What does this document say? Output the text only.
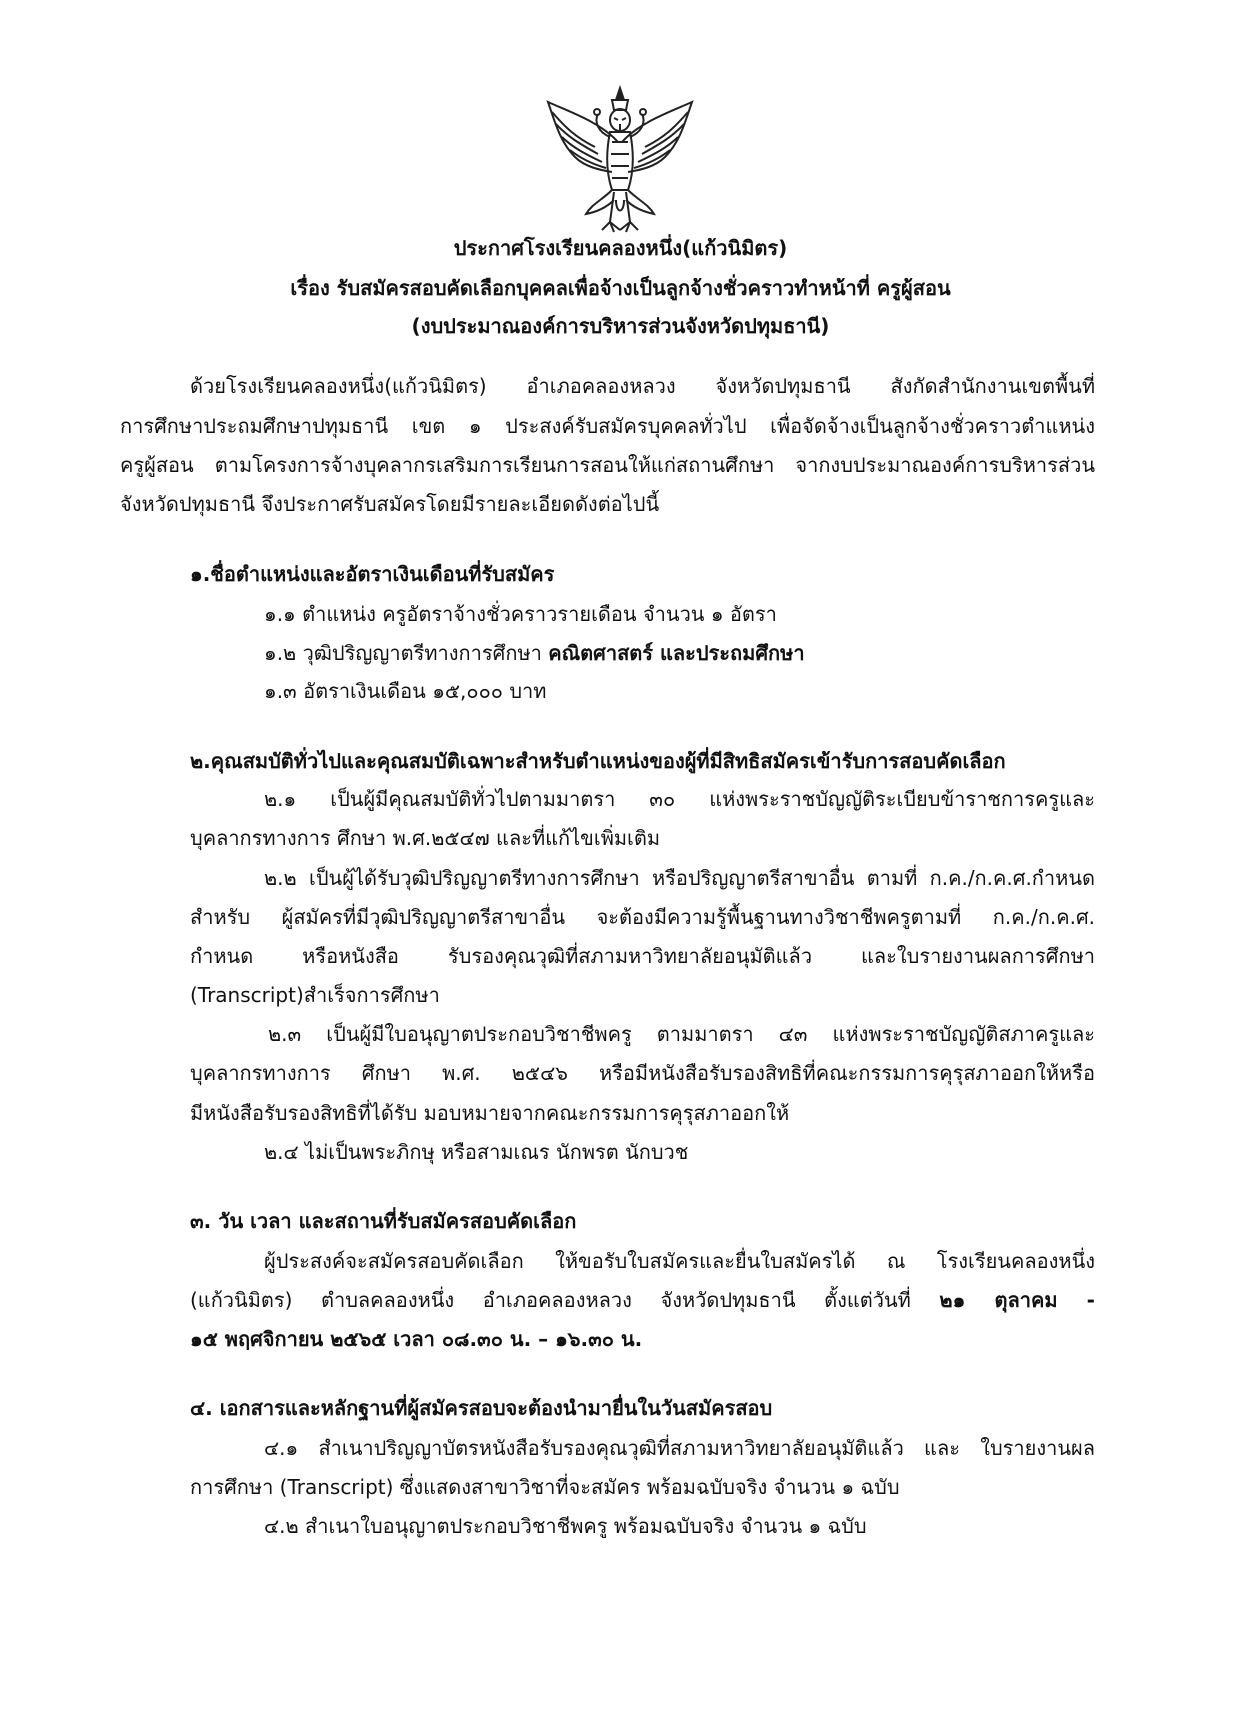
ประกาศโรงเรียนคลองหนึ่ง(แก้วนิมิตร)
เรื่อง รับสมัครสอบคัดเลือกบุคคลเพื่อจ้างเป็นลูกจ้างชั่วคราวทำหน้าที่ ครูผู้สอน
(งบประมาณองค์การบริหารส่วนจังหวัดปทุมธานี)
ด้วยโรงเรียนคลองหนึ่ง(แก้วนิมิตร) อำเภอคลองหลวง จังหวัดปทุมธานี สังกัดสำนักงานเขตพื้นที่
การศึกษาประถมศึกษาปทุมธานี เขต ๑ ประสงค์รับสมัครบุคคลทั่วไป เพื่อจัดจ้างเป็นลูกจ้างชั่วคราวตำแหน่ง
ครูผู้สอน ตามโครงการจ้างบุคลากรเสริมการเรียนการสอนให้แก่สถานศึกษา จากงบประมาณองค์การบริหารส่วน
จังหวัดปทุมธานี จึงประกาศรับสมัครโดยมีรายละเอียดดังต่อไปนี้
๑.ชื่อตำแหน่งและอัตราเงินเดือนที่รับสมัคร
๑.๑ ตำแหน่ง ครูอัตราจ้างชั่วคราวรายเดือน จำนวน ๑ อัตรา
๑.๒ วุฒิปริญญาตรีทางการศึกษา คณิตศาสตร์ และประถมศึกษา
๑.๓ อัตราเงินเดือน ๑๕,๐๐๐ บาท
๒.คุณสมบัติทั่วไปและคุณสมบัติเฉพาะสำหรับตำแหน่งของผู้ที่มีสิทธิสมัครเข้ารับการสอบคัดเลือก
๒.๑ เป็นผู้มีคุณสมบัติทั่วไปตามมาตรา ๓๐ แห่งพระราชบัญญัติระเบียบข้าราชการครูและ
บุคลากรทางการ ศึกษา พ.ศ.๒๕๔๗ และที่แก้ไขเพิ่มเติม
๒.๒ เป็นผู้ได้รับวุฒิปริญญาตรีทางการศึกษา หรือปริญญาตรีสาขาอื่น ตามที่ ก.ค./ก.ค.ศ.กำหนด
สำหรับ ผู้สมัครที่มีวุฒิปริญญาตรีสาขาอื่น จะต้องมีความรู้พื้นฐานทางวิชาชีพครูตามที่ ก.ค./ก.ค.ศ.
กำหนด หรือหนังสือ รับรองคุณวุฒิที่สภามหาวิทยาลัยอนุมัติแล้ว และใบรายงานผลการศึกษา
(Transcript)สำเร็จการศึกษา
๒.๓ เป็นผู้มีใบอนุญาตประกอบวิชาชีพครู ตามมาตรา ๔๓ แห่งพระราชบัญญัติสภาครูและ
บุคลากรทางการ ศึกษา พ.ศ. ๒๕๔๖ หรือมีหนังสือรับรองสิทธิที่คณะกรรมการคุรุสภาออกให้หรือ
มีหนังสือรับรองสิทธิที่ได้รับ มอบหมายจากคณะกรรมการคุรุสภาออกให้
๒.๔ ไม่เป็นพระภิกษุ หรือสามเณร นักพรต นักบวช
๓. วัน เวลา และสถานที่รับสมัครสอบคัดเลือก
ผู้ประสงค์จะสมัครสอบคัดเลือก ให้ขอรับใบสมัครและยื่นใบสมัครได้ ณ โรงเรียนคลองหนึ่ง
(แก้วนิมิตร) ตำบลคลองหนึ่ง อำเภอคลองหลวง จังหวัดปทุมธานี ตั้งแต่วันที่ ๒๑ ตุลาคม -
๑๕ พฤศจิกายน ๒๕๖๕ เวลา ๐๘.๓๐ น. – ๑๖.๓๐ น.
๔. เอกสารและหลักฐานที่ผู้สมัครสอบจะต้องนำมายื่นในวันสมัครสอบ
๔.๑ สำเนาปริญญาบัตรหนังสือรับรองคุณวุฒิที่สภามหาวิทยาลัยอนุมัติแล้ว และ ใบรายงานผล
การศึกษา (Transcript) ซึ่งแสดงสาขาวิชาที่จะสมัคร พร้อมฉบับจริง จำนวน ๑ ฉบับ
๔.๒ สำเนาใบอนุญาตประกอบวิชาชีพครู พร้อมฉบับจริง จำนวน ๑ ฉบับ
